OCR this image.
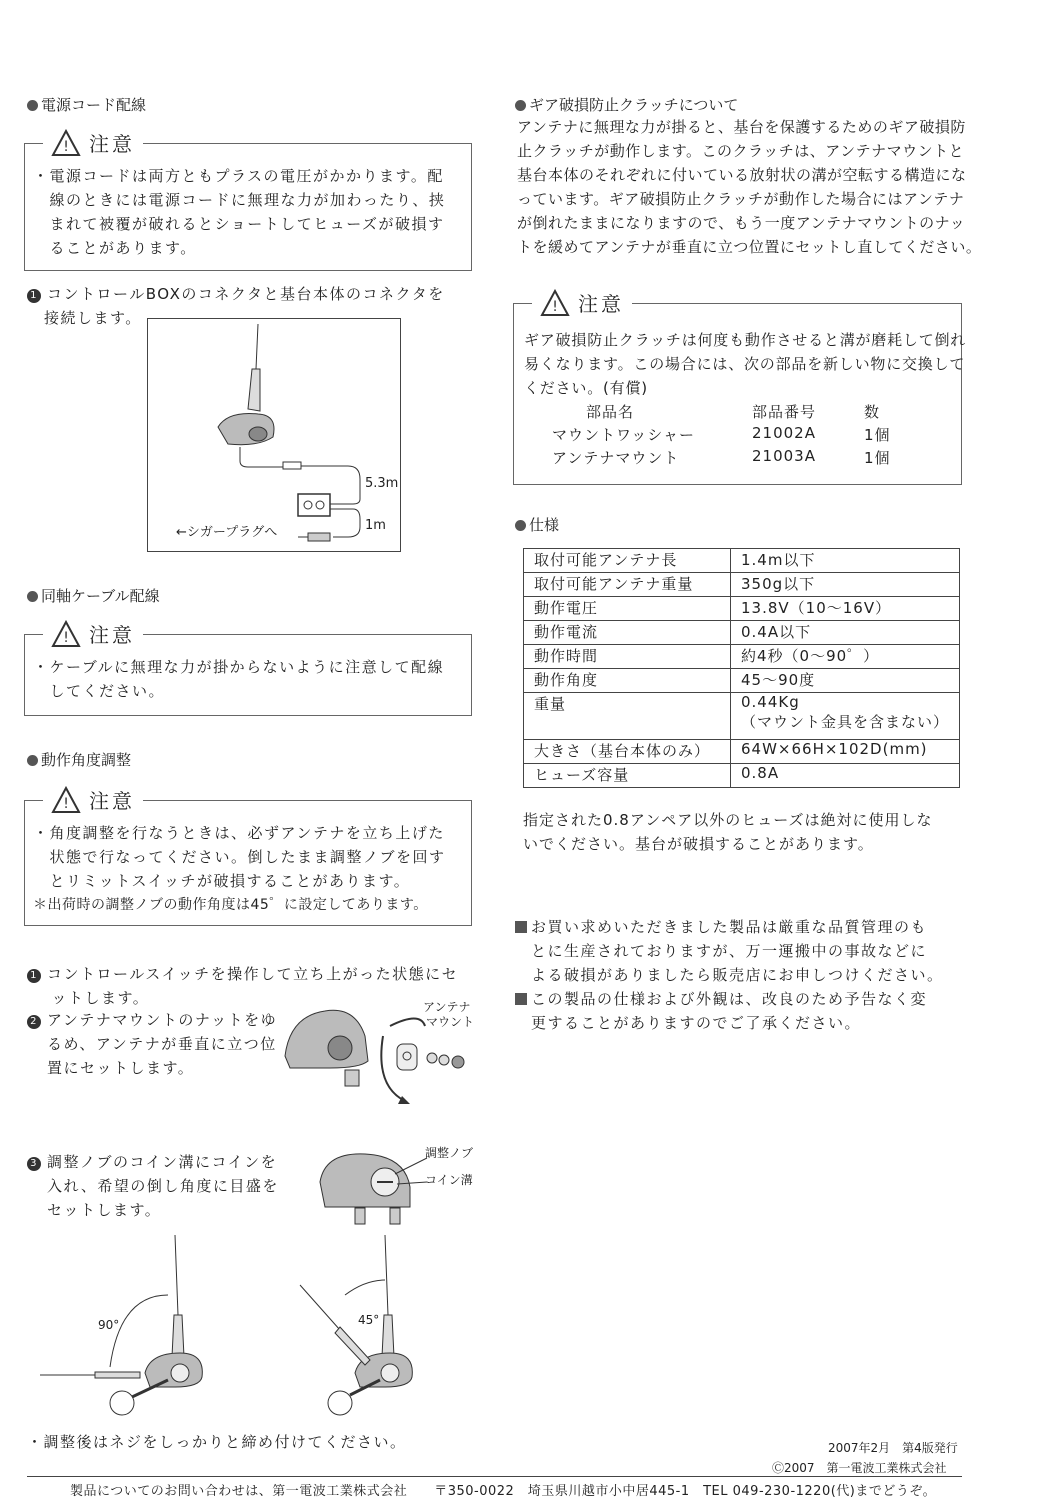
電源コード配線
! 注意
・電源コードは両方ともプラスの電圧がかかります。配
　線のときには電源コードに無理な力が加わったり、挟
　まれて被覆が破れるとショートしてヒューズが破損す
　ることがあります。
1 コントロールBOXのコネクタと基台本体のコネクタを
接続します。
5.3m
1m
←シガープラグへ
同軸ケーブル配線
! 注意
・ケーブルに無理な力が掛からないように注意して配線
　してください。
動作角度調整
! 注意
・角度調整を行なうときは、必ずアンテナを立ち上げた
　状態で行なってください。倒したまま調整ノブを回す
　とリミットスイッチが破損することがあります。
＊出荷時の調整ノブの動作角度は45゜に設定してあります。
1 コントロールスイッチを操作して立ち上がった状態にセ
　ットします。
2 アンテナマウントのナットをゆ
るめ、アンテナが垂直に立つ位
置にセットします。
アンテナ
マウント
3 調整ノブのコイン溝にコインを
入れ、希望の倒し角度に目盛を
セットします。
調整ノブ
コイン溝
90°	45°
・調整後はネジをしっかりと締め付けてください。
ギア破損防止クラッチについて
アンテナに無理な力が掛ると、基台を保護するためのギア破損防
止クラッチが動作します。このクラッチは、アンテナマウントと
基台本体のそれぞれに付いている放射状の溝が空転する構造にな
っています。ギア破損防止クラッチが動作した場合にはアンテナ
が倒れたままになりますので、もう一度アンテナマウントのナッ
トを緩めてアンテナが垂直に立つ位置にセットし直してください。
! 注意
ギア破損防止クラッチは何度も動作させると溝が磨耗して倒れ
易くなります。この場合には、次の部品を新しい物に交換して
ください。(有償)
部品名	部品番号	数
マウントワッシャー	21002A	1個
アンテナマウント	21003A	1個
仕様
取付可能アンテナ長	1.4m以下
取付可能アンテナ重量	350g以下
動作電圧	13.8V（10～16V）
動作電流	0.4A以下
動作時間	約4秒（0～90゜）
動作角度	45～90度
重量	0.44Kg
（マウント金具を含まない）

大きさ（基台本体のみ）	64W×66H×102D(mm)
ヒューズ容量	0.8A
指定された0.8アンペア以外のヒューズは絶対に使用しな
いでください。基台が破損することがあります。
お買い求めいただきました製品は厳重な品質管理のも
とに生産されておりますが、万一運搬中の事故などに
よる破損がありましたら販売店にお申しつけください。
この製品の仕様および外観は、改良のため予告なく変
更することがありますのでご了承ください。
2007年2月　第4版発行
Ⓒ2007　第一電波工業株式会社
製品についてのお問い合わせは、第一電波工業株式会社　　〒350-0022　埼玉県川越市小中居445-1　TEL 049-230-1220(代)までどうぞ。
